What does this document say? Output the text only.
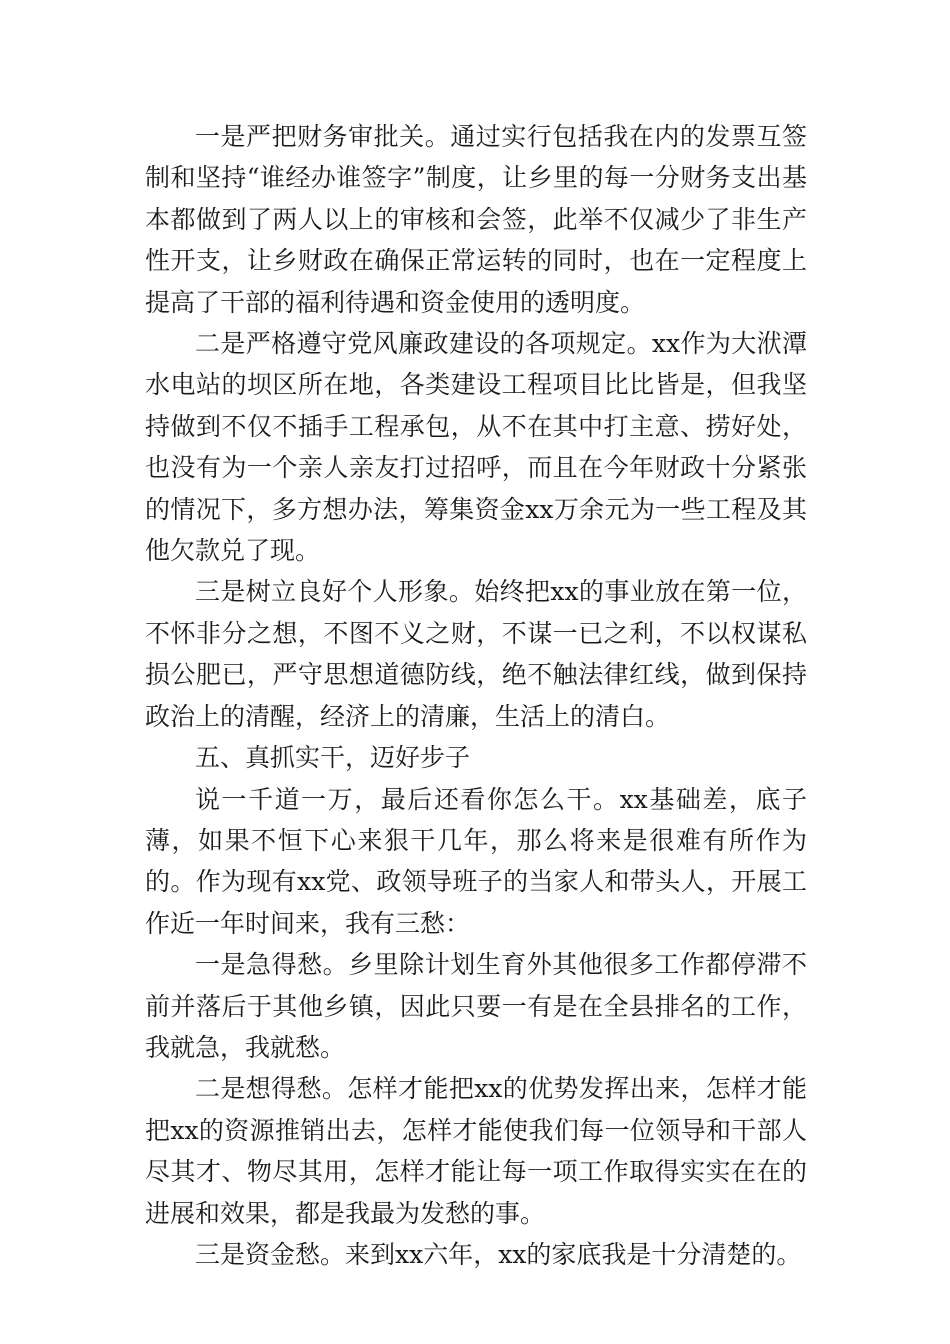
一是严把财务审批关。通过实行包括我在内的发票互签制和坚持“谁经办谁签字”制度，让乡里的每一分财务支出基本都做到了两人以上的审核和会签，此举不仅减少了非生产性开支，让乡财政在确保正常运转的同时，也在一定程度上提高了干部的福利待遇和资金使用的透明度。

二是严格遵守党风廉政建设的各项规定。xx作为大洑潭水电站的坝区所在地，各类建设工程项目比比皆是，但我坚持做到不仅不插手工程承包，从不在其中打主意、捞好处，也没有为一个亲人亲友打过招呼，而且在今年财政十分紧张的情况下，多方想办法，筹集资金xx万余元为一些工程及其他欠款兑了现。

三是树立良好个人形象。始终把xx的事业放在第一位，不怀非分之想，不图不义之财，不谋一已之利，不以权谋私损公肥已，严守思想道德防线，绝不触法律红线，做到保持政治上的清醒，经济上的清廉，生活上的清白。

五、真抓实干，迈好步子

说一千道一万，最后还看你怎么干。xx基础差，底子薄，如果不恒下心来狠干几年，那么将来是很难有所作为的。作为现有xx党、政领导班子的当家人和带头人，开展工作近一年时间来，我有三愁：

一是急得愁。乡里除计划生育外其他很多工作都停滞不前并落后于其他乡镇，因此只要一有是在全县排名的工作，我就急，我就愁。

二是想得愁。怎样才能把xx的优势发挥出来，怎样才能把xx的资源推销出去，怎样才能使我们每一位领导和干部人尽其才、物尽其用，怎样才能让每一项工作取得实实在在的进展和效果，都是我最为发愁的事。

三是资金愁。来到xx六年，xx的家底我是十分清楚的。
